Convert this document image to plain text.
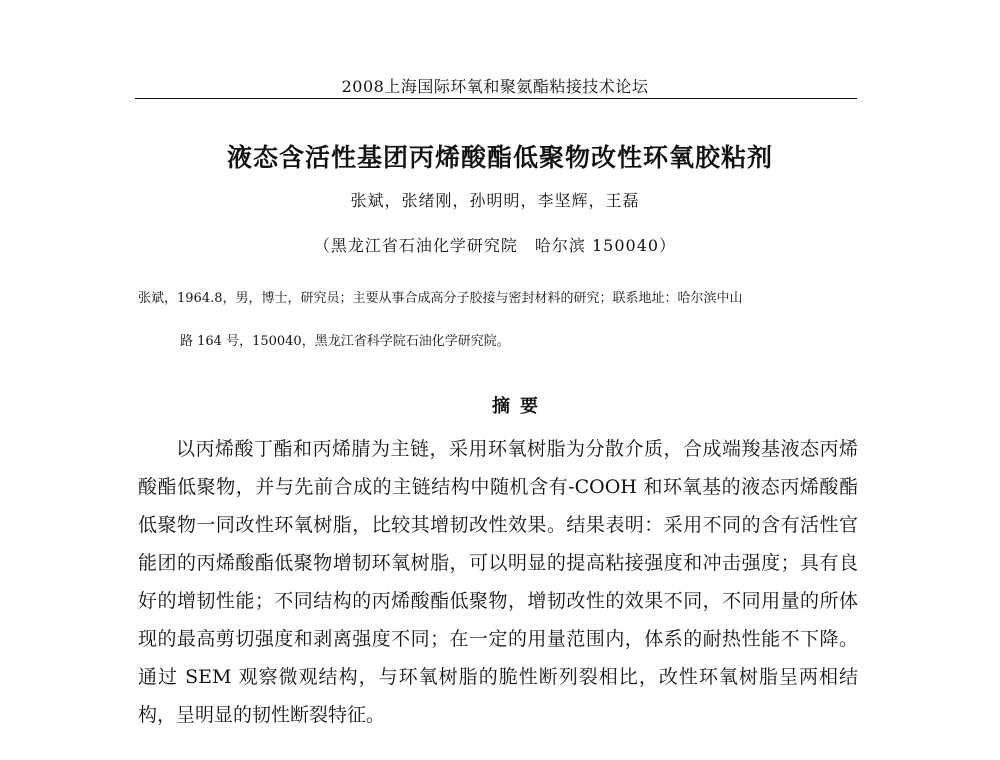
2008上海国际环氧和聚氨酯粘接技术论坛
液态含活性基团丙烯酸酯低聚物改性环氧胶粘剂
张斌，张绪刚，孙明明，李坚辉，王磊
（黑龙江省石油化学研究院　哈尔滨 150040）
张斌，1964.8，男，博士，研究员；主要从事合成高分子胶接与密封材料的研究；联系地址：哈尔滨中山
路 164 号，150040，黑龙江省科学院石油化学研究院。
摘要

以丙烯酸丁酯和丙烯腈为主链，采用环氧树脂为分散介质，合成端羧基液态丙烯酸酯低聚物，并与先前合成的主链结构中随机含有-COOH 和环氧基的液态丙烯酸酯低聚物一同改性环氧树脂，比较其增韧改性效果。结果表明：采用不同的含有活性官能团的丙烯酸酯低聚物增韧环氧树脂，可以明显的提高粘接强度和冲击强度；具有良好的增韧性能；不同结构的丙烯酸酯低聚物，增韧改性的效果不同，不同用量的所体现的最高剪切强度和剥离强度不同；在一定的用量范围内，体系的耐热性能不下降。通过 SEM 观察微观结构，与环氧树脂的脆性断列裂相比，改性环氧树脂呈两相结构，呈明显的韧性断裂特征。
